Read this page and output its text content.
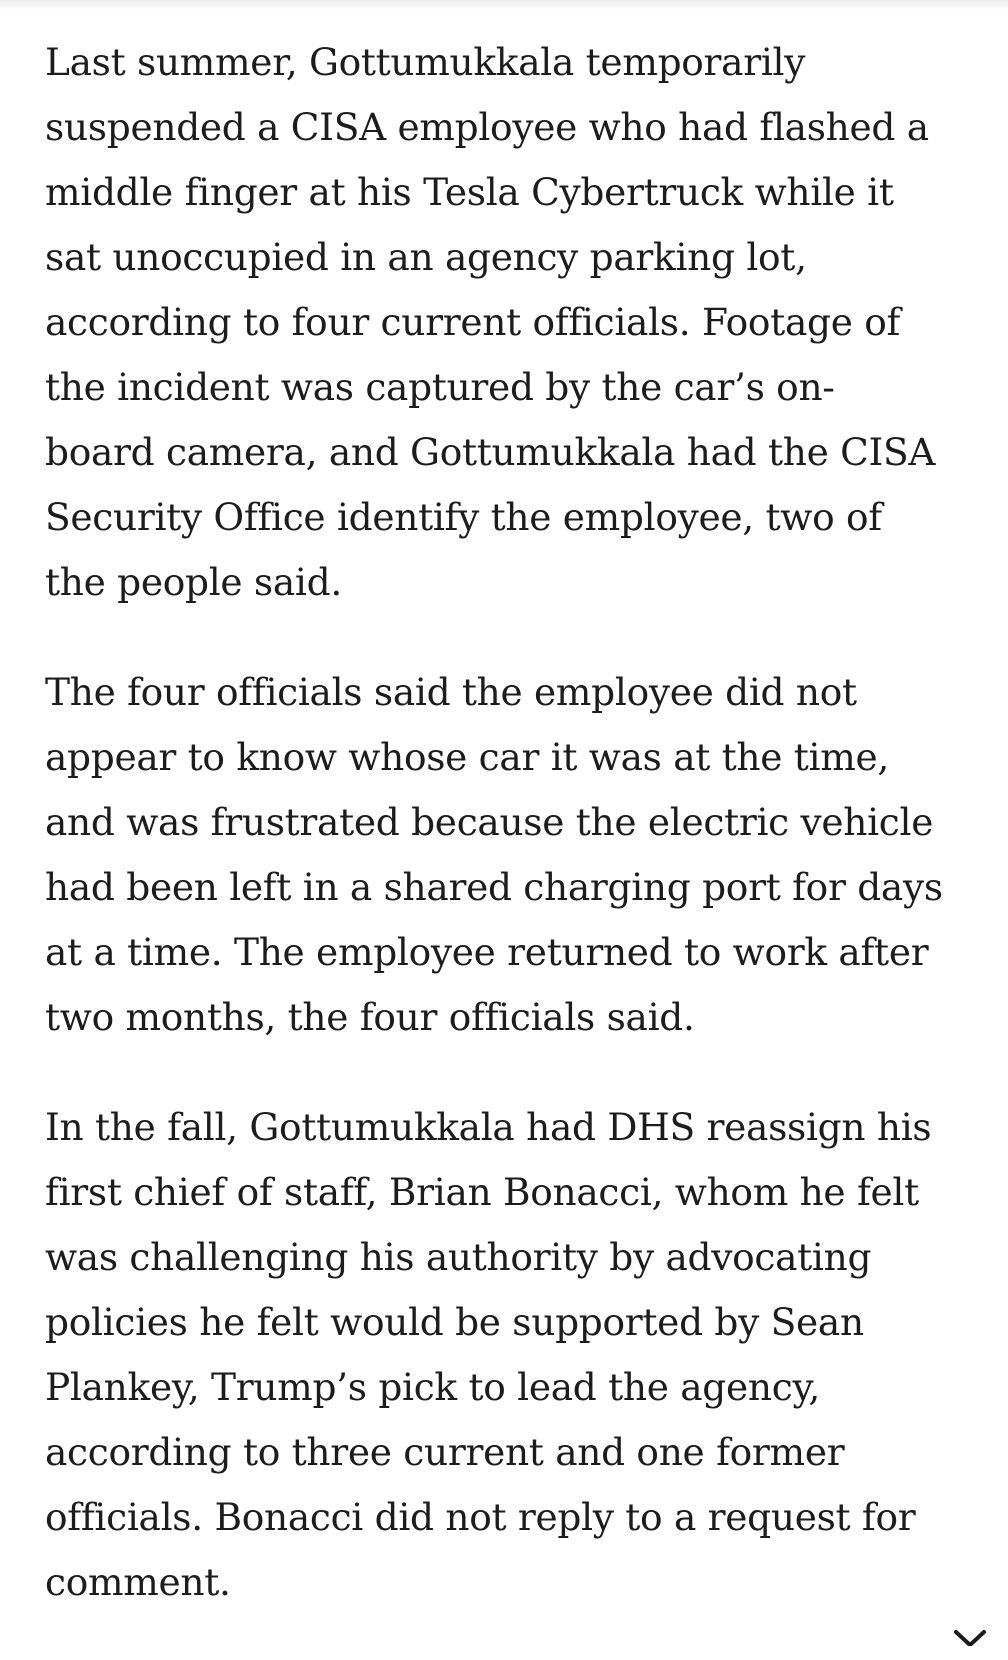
Last summer, Gottumukkala temporarily
suspended a CISA employee who had flashed a
middle finger at his Tesla Cybertruck while it
sat unoccupied in an agency parking lot,
according to four current officials. Footage of
the incident was captured by the car’s on-
board camera, and Gottumukkala had the CISA
Security Office identify the employee, two of
the people said.

The four officials said the employee did not
appear to know whose car it was at the time,
and was frustrated because the electric vehicle
had been left in a shared charging port for days
at a time. The employee returned to work after
two months, the four officials said.

In the fall, Gottumukkala had DHS reassign his
first chief of staff, Brian Bonacci, whom he felt
was challenging his authority by advocating
policies he felt would be supported by Sean
Plankey, Trump’s pick to lead the agency,
according to three current and one former
officials. Bonacci did not reply to a request for
comment.
